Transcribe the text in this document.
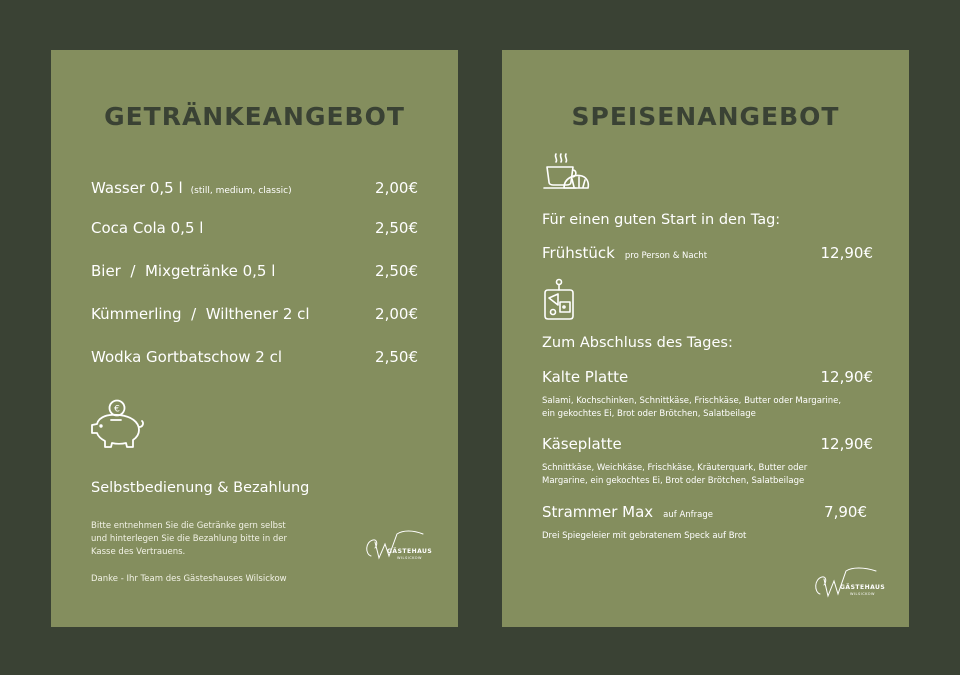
GETRÄNKEANGEBOT
Wasser 0,5 l (still, medium, classic)	2,00€
Coca Cola 0,5 l	2,50€
Bier  /  Mixgetränke 0,5 l	2,50€
Kümmerling  /  Wilthener 2 cl	2,00€
Wodka Gortbatschow 2 cl	2,50€
€
Selbstbedienung & Bezahlung
Bitte entnehmen Sie die Getränke gern selbst
und hinterlegen Sie die Bezahlung bitte in der
Kasse des Vertrauens.
Danke - Ihr Team des Gästeshauses Wilsickow
GÄSTEHAUS
WILSICKOW
SPEISENANGEBOT
Für einen guten Start in den Tag:
Frühstück pro Person & Nacht	12,90€
Zum Abschluss des Tages:
Kalte Platte	12,90€
Salami, Kochschinken, Schnittkäse, Frischkäse, Butter oder Margarine,
ein gekochtes Ei, Brot oder Brötchen, Salatbeilage
Käseplatte	12,90€
Schnittkäse, Weichkäse, Frischkäse, Kräuterquark, Butter oder
Margarine, ein gekochtes Ei, Brot oder Brötchen, Salatbeilage
Strammer Max auf Anfrage	7,90€
Drei Spiegeleier mit gebratenem Speck auf Brot
GÄSTEHAUS
WILSICKOW
